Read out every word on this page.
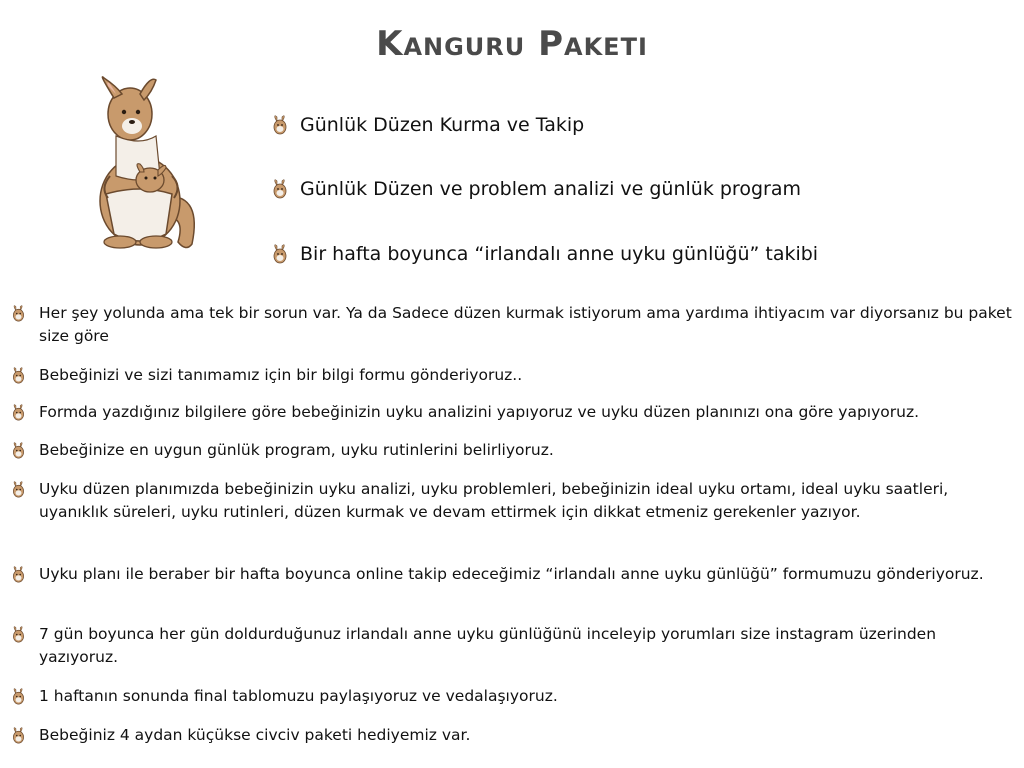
Kanguru Paketi
Günlük Düzen Kurma ve Takip
Günlük Düzen ve problem analizi ve günlük program
Bir hafta boyunca “irlandalı anne uyku günlüğü” takibi
Her şey yolunda ama tek bir sorun var. Ya da Sadece düzen kurmak istiyorum ama yardıma ihtiyacım var diyorsanız bu paket size göre
Bebeğinizi ve sizi tanımamız için bir bilgi formu gönderiyoruz..
Formda yazdığınız bilgilere göre bebeğinizin uyku analizini yapıyoruz ve uyku düzen planınızı ona göre yapıyoruz.
Bebeğinize en uygun günlük program, uyku rutinlerini belirliyoruz.
Uyku düzen planımızda bebeğinizin uyku analizi, uyku problemleri, bebeğinizin ideal uyku ortamı, ideal uyku saatleri, uyanıklık süreleri, uyku rutinleri, düzen kurmak ve devam ettirmek için dikkat etmeniz gerekenler yazıyor.
Uyku planı ile beraber bir hafta boyunca online takip edeceğimiz “irlandalı anne uyku günlüğü” formumuzu gönderiyoruz.
7 gün boyunca her gün doldurduğunuz irlandalı anne uyku günlüğünü inceleyip yorumları size instagram üzerinden yazıyoruz.
1 haftanın sonunda final tablomuzu paylaşıyoruz ve vedalaşıyoruz.
Bebeğiniz 4 aydan küçükse civciv paketi hediyemiz var.
